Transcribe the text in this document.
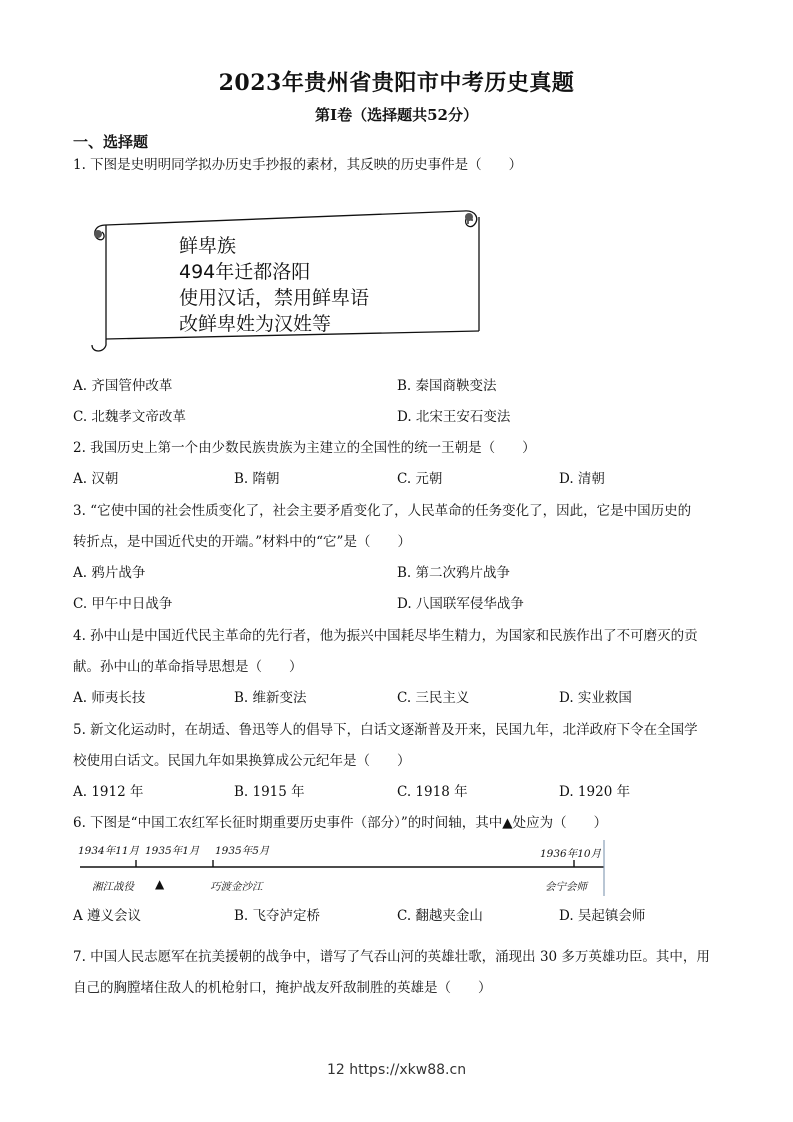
2023年贵州省贵阳市中考历史真题
第Ⅰ卷（选择题共52分）
一、选择题
1. 下图是史明明同学拟办历史手抄报的素材，其反映的历史事件是（　　）
鲜卑族
494年迁都洛阳
使用汉话，禁用鲜卑语
改鲜卑姓为汉姓等
A. 齐国管仲改革	B. 秦国商鞅变法
C. 北魏孝文帝改革	D. 北宋王安石变法
2. 我国历史上第一个由少数民族贵族为主建立的全国性的统一王朝是（　　）
A. 汉朝	B. 隋朝	C. 元朝	D. 清朝
3. “它使中国的社会性质变化了，社会主要矛盾变化了，人民革命的任务变化了，因此，它是中国历史的
转折点，是中国近代史的开端。”材料中的“它”是（　　）
A. 鸦片战争	B. 第二次鸦片战争
C. 甲午中日战争	D. 八国联军侵华战争
4. 孙中山是中国近代民主革命的先行者，他为振兴中国耗尽毕生精力，为国家和民族作出了不可磨灭的贡
献。孙中山的革命指导思想是（　　）
A. 师夷长技	B. 维新变法	C. 三民主义	D. 实业救国
5. 新文化运动时，在胡适、鲁迅等人的倡导下，白话文逐渐普及开来，民国九年，北洋政府下令在全国学
校使用白话文。民国九年如果换算成公元纪年是（　　）
A. 1912 年	B. 1915 年	C. 1918 年	D. 1920 年
6. 下图是“中国工农红军长征时期重要历史事件（部分）”的时间轴，其中▲处应为（　　）
1934年11月 1935年1月 1935年5月	1936年10月
湘江战役 ▲	巧渡金沙江	会宁会师
A 遵义会议	B. 飞夺泸定桥	C. 翻越夹金山	D. 吴起镇会师
7. 中国人民志愿军在抗美援朝的战争中，谱写了气吞山河的英雄壮歌，涌现出 30 多万英雄功臣。其中，用
自己的胸膛堵住敌人的机枪射口，掩护战友歼敌制胜的英雄是（　　）
12 https://xkw88.cn
